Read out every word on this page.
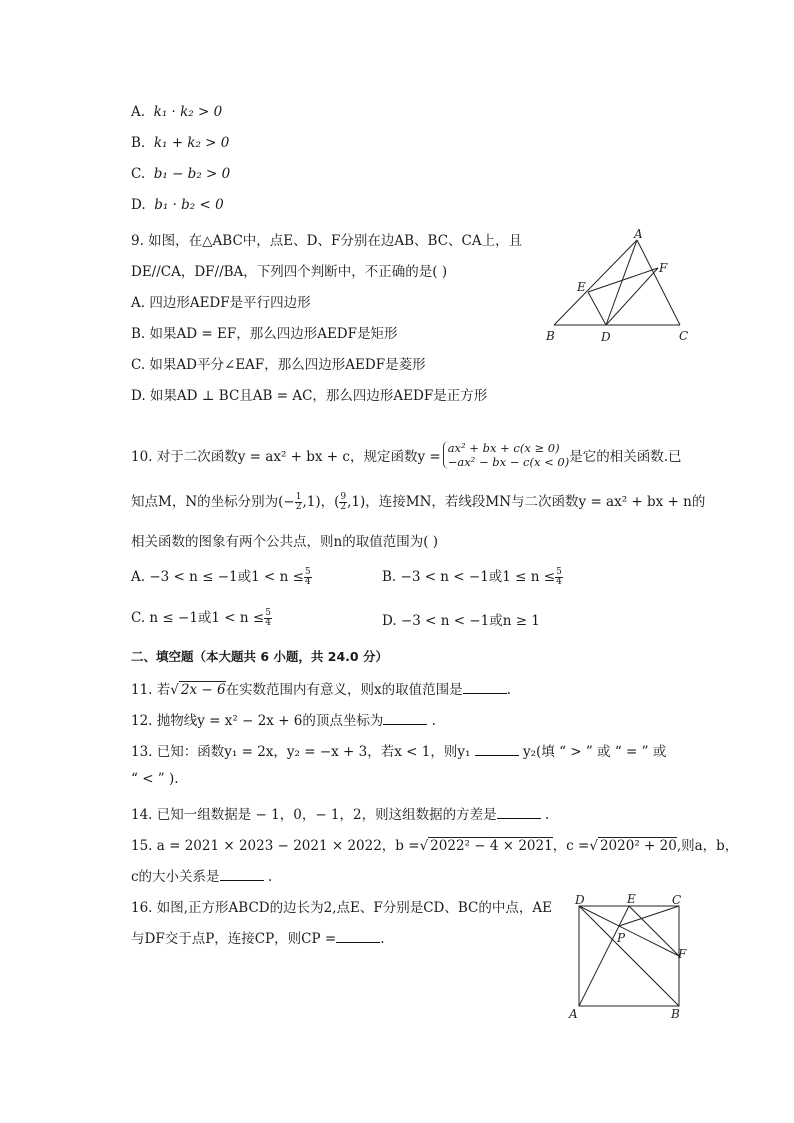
A. k₁ · k₂ > 0
B. k₁ + k₂ > 0
C. b₁ − b₂ > 0
D. b₁ · b₂ < 0
9. 如图，在△ABC中，点E、D、F分别在边AB、BC、CA上，且
DE//CA，DF//BA，下列四个判断中，不正确的是( )
A. 四边形AEDF是平行四边形
B. 如果AD = EF，那么四边形AEDF是矩形
C. 如果AD平分∠EAF，那么四边形AEDF是菱形
D. 如果AD ⊥ BC且AB = AC，那么四边形AEDF是正方形
A
B	C
D
E
F
10. 对于二次函数y = ax² + bx + c，规定函数y =
ax² + bx + c(x ≥ 0)
−ax² − bx − c(x < 0) 是它的相关函数.已
知点M，N的坐标分别为(− $\frac{1}{2} ,1$)，( $\frac{9}{2} ,1$)，连接MN，若线段MN与二次函数y = ax² + bx + n的
相关函数的图象有两个公共点，则n的取值范围为( )
A. −3 < n ≤ −1或$1 < n \le \frac{5}{4}$	B. −3 < n < −1或$1 \le n \le \frac{5}{4}$
C. n ≤ −1或$1 < n \le \frac{5}{4}$	D. −3 < n < −1或n ≥ 1
二、填空题（本大题共 6 小题，共 24.0 分）
11. 若√ 2x − 6在实数范围内有意义，则x的取值范围是	.
12. 抛物线y = x² − 2x + 6的顶点坐标为	.
13. 已知：函数y₁ = 2x，y₂ = −x + 3，若x < 1，则y₁	y₂(填 “ > ” 或 “ = ” 或
“ < ” ).
14. 已知一组数据是 − 1，0，− 1，2，则这组数据的方差是	.
15. a = 2021 × 2023 − 2021 × 2022，b =√ 2022² − 4 × 2021，c =√ 2020² + 20,则a，b，
c的大小关系是	.
16. 如图,正方形ABCD的边长为2,点E、F分别是CD、BC的中点，AE
与DF交于点P，连接CP，则CP =	.
D	E	C
P
F
A	B
